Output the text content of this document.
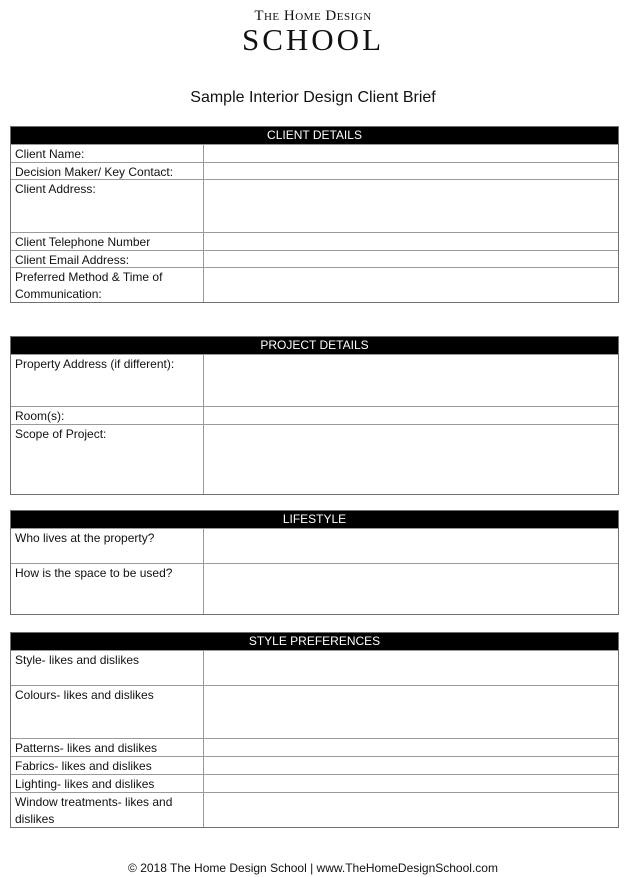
The Home Design
SCHOOL
Sample Interior Design Client Brief
CLIENT DETAILS
Client Name:
Decision Maker/ Key Contact:
Client Address:
Client Telephone Number
Client Email Address:
Preferred Method & Time of Communication:
PROJECT DETAILS
Property Address (if different):
Room(s):
Scope of Project:
LIFESTYLE
Who lives at the property?
How is the space to be used?
STYLE PREFERENCES
Style- likes and dislikes
Colours- likes and dislikes
Patterns- likes and dislikes
Fabrics- likes and dislikes
Lighting- likes and dislikes
Window treatments- likes and dislikes
© 2018 The Home Design School | www.TheHomeDesignSchool.com
